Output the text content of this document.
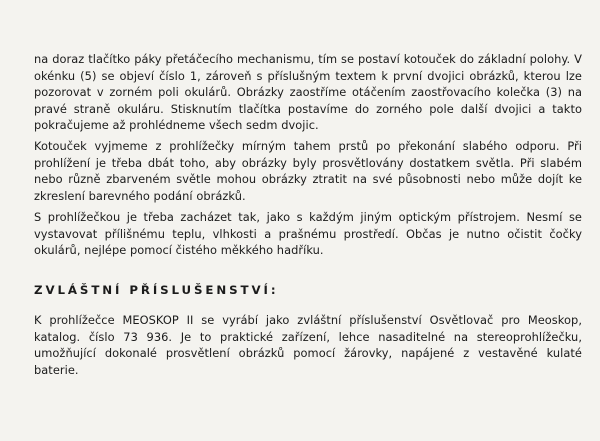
na doraz tlačítko páky přetáčecího mechanismu, tím se postaví kotouček do základní polohy. V okénku (5) se objeví číslo 1, zároveň s příslušným textem k první dvojici obrázků, kterou lze pozorovat v zorném poli okulárů. Obrázky zaostříme otáčením zaostřovacího kolečka (3) na pravé straně okuláru. Stisknutím tlačítka postavíme do zorného pole další dvojici a takto pokračujeme až prohlédneme všech sedm dvojic.

Kotouček vyjmeme z prohlížečky mírným tahem prstů po překonání slabého odporu. Při prohlížení je třeba dbát toho, aby obrázky byly prosvětlovány dostatkem světla. Při slabém nebo různě zbarveném světle mohou obrázky ztratit na své působnosti nebo může dojít ke zkreslení barevného podání obrázků.

S prohlížečkou je třeba zacházet tak, jako s každým jiným optickým přístrojem. Nesmí se vystavovat přílišnému teplu, vlhkosti a prašnému prostředí. Občas je nutno očistit čočky okulárů, nejlépe pomocí čistého měkkého hadříku.

ZVLÁŠTNÍ PŘÍSLUŠENSTVÍ:

K prohlížečce MEOSKOP II se vyrábí jako zvláštní příslušenství Osvětlovač pro Meoskop, katalog. číslo 73 936. Je to praktické zařízení, lehce nasaditelné na stereoprohlížečku, umožňující dokonalé prosvětlení obrázků pomocí žárovky, napájené z vestavěné kulaté baterie.
